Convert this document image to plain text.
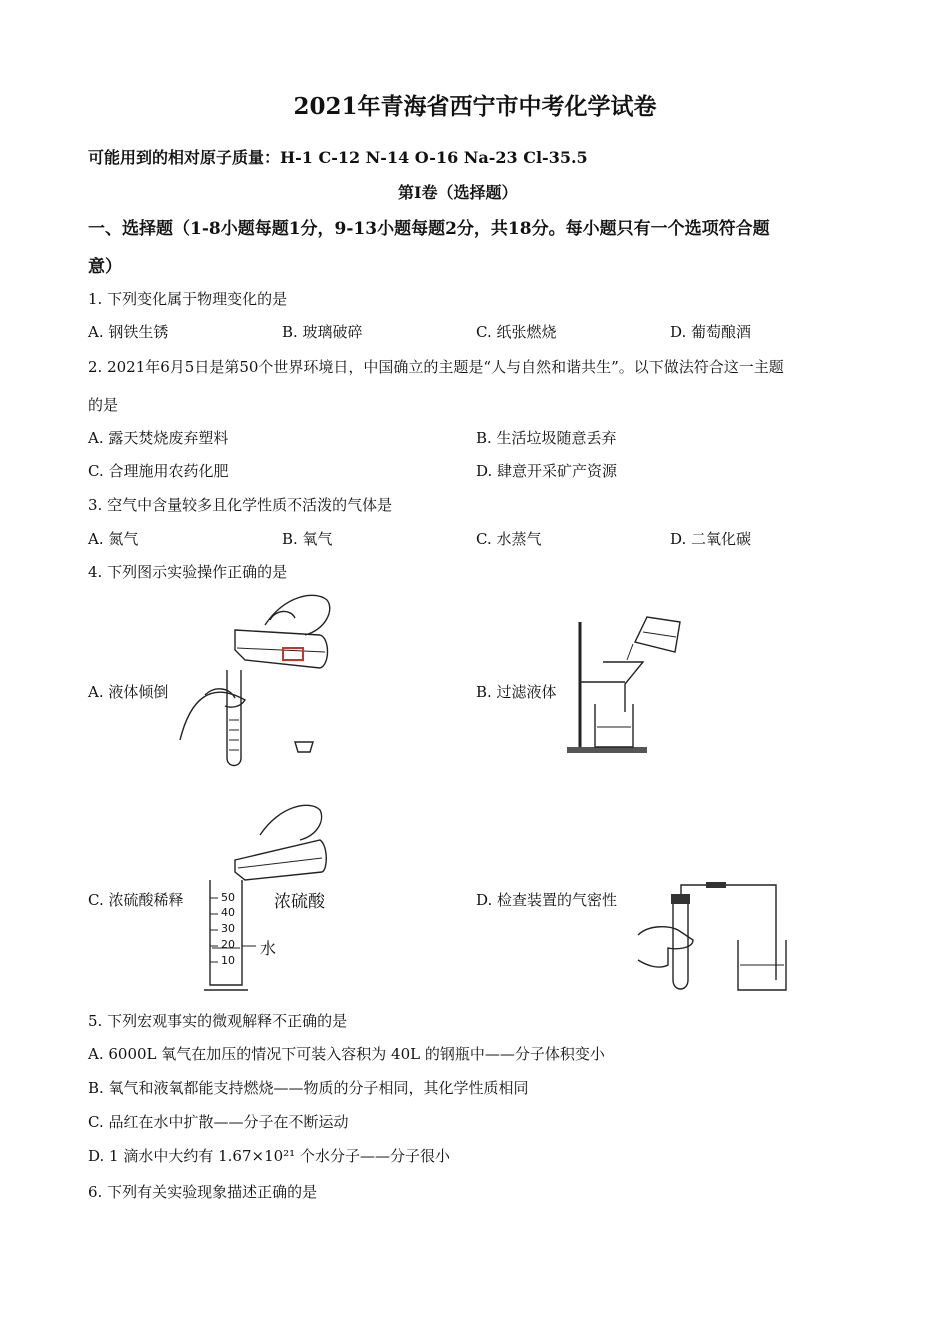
2021年青海省西宁市中考化学试卷
可能用到的相对原子质量：H-1 C-12 N-14 O-16 Na-23 Cl-35.5
第Ⅰ卷（选择题）
一、选择题（1-8小题每题1分，9-13小题每题2分，共18分。每小题只有一个选项符合题
意）
1. 下列变化属于物理变化的是
A. 钢铁生锈	B. 玻璃破碎	C. 纸张燃烧	D. 葡萄酿酒
2. 2021年6月5日是第50个世界环境日，中国确立的主题是“人与自然和谐共生”。以下做法符合这一主题
的是
A. 露天焚烧废弃塑料	B. 生活垃圾随意丢弃
C. 合理施用农药化肥	D. 肆意开采矿产资源
3. 空气中含量较多且化学性质不活泼的气体是
A. 氮气	B. 氧气	C. 水蒸气	D. 二氧化碳
4. 下列图示实验操作正确的是
A. 液体倾倒	B. 过滤液体
C. 浓硫酸稀释	D. 检查装置的气密性
50
40
30
20
10
浓硫酸
水
5. 下列宏观事实的微观解释不正确的是
A. 6000L 氧气在加压的情况下可装入容积为 40L 的钢瓶中——分子体积变小
B. 氧气和液氧都能支持燃烧——物质的分子相同，其化学性质相同
C. 品红在水中扩散——分子在不断运动
D. 1 滴水中大约有 1.67×10²¹ 个水分子——分子很小
6. 下列有关实验现象描述正确的是
